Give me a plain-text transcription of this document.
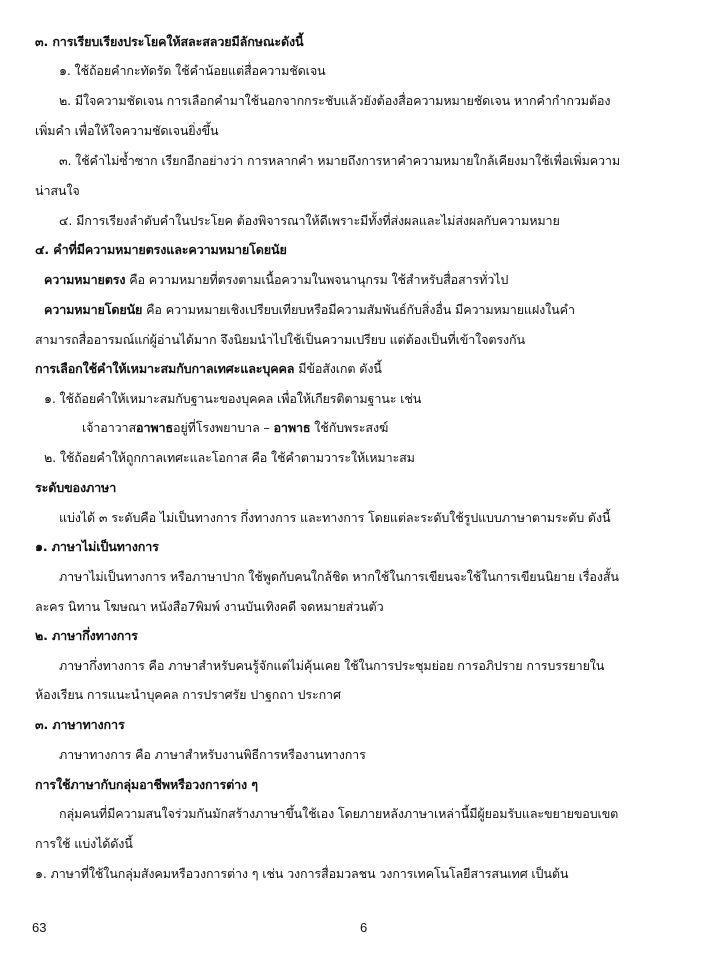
๓. การเรียบเรียงประโยคให้สละสลวยมีลักษณะดังนี้
๑. ใช้ถ้อยคำกะทัดรัด ใช้คำน้อยแต่สื่อความชัดเจน
๒. มีใจความชัดเจน การเลือกคำมาใช้นอกจากกระชับแล้วยังต้องสื่อความหมายชัดเจน หากคำกำกวมต้อง
เพิ่มคำ เพื่อให้ใจความชัดเจนยิ่งขึ้น
๓. ใช้คำไม่ซ้ำซาก เรียกอีกอย่างว่า การหลากคำ หมายถึงการหาคำความหมายใกล้เคียงมาใช้เพื่อเพิ่มความ
น่าสนใจ
๔. มีการเรียงลำดับคำในประโยค ต้องพิจารณาให้ดีเพราะมีทั้งที่ส่งผลและไม่ส่งผลกับความหมาย
๔. คำที่มีความหมายตรงและความหมายโดยนัย
ความหมายตรง คือ ความหมายที่ตรงตามเนื้อความในพจนานุกรม ใช้สำหรับสื่อสารทั่วไป
ความหมายโดยนัย คือ ความหมายเชิงเปรียบเทียบหรือมีความสัมพันธ์กับสิ่งอื่น มีความหมายแฝงในคำ
สามารถสื่ออารมณ์แก่ผู้อ่านได้มาก จึงนิยมนำไปใช้เป็นความเปรียบ แต่ต้องเป็นที่เข้าใจตรงกัน
การเลือกใช้คำให้เหมาะสมกับกาลเทศะและบุคคล มีข้อสังเกต ดังนี้
๑. ใช้ถ้อยคำให้เหมาะสมกับฐานะของบุคคล เพื่อให้เกียรติตามฐานะ เช่น
เจ้าอาวาสอาพาธอยู่ที่โรงพยาบาล – อาพาธ ใช้กับพระสงฆ์
๒. ใช้ถ้อยคำให้ถูกกาลเทศะและโอกาส คือ ใช้คำตามวาระให้เหมาะสม
ระดับของภาษา
แบ่งได้ ๓ ระดับคือ ไม่เป็นทางการ กึ่งทางการ และทางการ โดยแต่ละระดับใช้รูปแบบภาษาตามระดับ ดังนี้
๑. ภาษาไม่เป็นทางการ
ภาษาไม่เป็นทางการ หรือภาษาปาก ใช้พูดกับคนใกล้ชิด หากใช้ในการเขียนจะใช้ในการเขียนนิยาย เรื่องสั้น
ละคร นิทาน โฆษณา หนังสือ7พิมพ์ งานบันเทิงคดี จดหมายส่วนตัว
๒. ภาษากึ่งทางการ
ภาษากึ่งทางการ คือ ภาษาสำหรับคนรู้จักแต่ไม่คุ้นเคย ใช้ในการประชุมย่อย การอภิปราย การบรรยายใน
ห้องเรียน การแนะนำบุคคล การปราศรัย ปาฐกถา ประกาศ
๓. ภาษาทางการ
ภาษาทางการ คือ ภาษาสำหรับงานพิธีการหรืองานทางการ
การใช้ภาษากับกลุ่มอาชีพหรือวงการต่าง ๆ
กลุ่มคนที่มีความสนใจร่วมกันมักสร้างภาษาขึ้นใช้เอง โดยภายหลังภาษาเหล่านี้มีผู้ยอมรับและขยายขอบเขต
การใช้ แบ่งได้ดังนี้
๑. ภาษาที่ใช้ในกลุ่มสังคมหรือวงการต่าง ๆ เช่น วงการสื่อมวลชน วงการเทคโนโลยีสารสนเทศ เป็นต้น
63	6
